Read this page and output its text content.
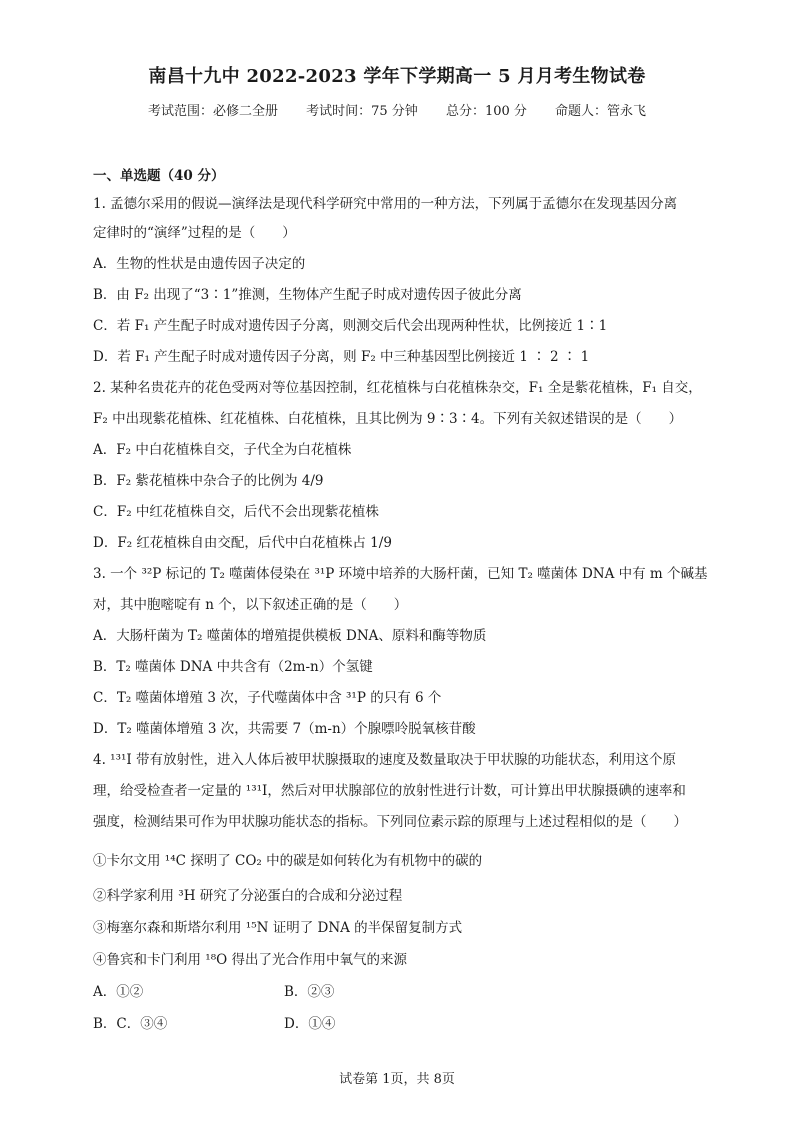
南昌十九中 2022-2023 学年下学期高一 5 月月考生物试卷
考试范围：必修二全册 考试时间：75 分钟 总分：100 分 命题人：管永飞
一、单选题（40 分）
1. 孟德尔采用的假说—演绎法是现代科学研究中常用的一种方法，下列属于孟德尔在发现基因分离
定律时的“演绎”过程的是（　　）
A．生物的性状是由遗传因子决定的
B．由 F₂ 出现了“3∶1”推测，生物体产生配子时成对遗传因子彼此分离
C．若 F₁ 产生配子时成对遗传因子分离，则测交后代会出现两种性状，比例接近 1∶1
D．若 F₁ 产生配子时成对遗传因子分离，则 F₂ 中三种基因型比例接近 1 ∶ 2 ∶ 1
2. 某种名贵花卉的花色受两对等位基因控制，红花植株与白花植株杂交，F₁ 全是紫花植株，F₁ 自交，
F₂ 中出现紫花植株、红花植株、白花植株，且其比例为 9∶3∶4。下列有关叙述错误的是（　　）
A．F₂ 中白花植株自交，子代全为白花植株
B．F₂ 紫花植株中杂合子的比例为 4/9
C．F₂ 中红花植株自交，后代不会出现紫花植株
D．F₂ 红花植株自由交配，后代中白花植株占 1/9
3. 一个 ³²P 标记的 T₂ 噬菌体侵染在 ³¹P 环境中培养的大肠杆菌，已知 T₂ 噬菌体 DNA 中有 m 个碱基
对，其中胞嘧啶有 n 个，以下叙述正确的是（　　）
A．大肠杆菌为 T₂ 噬菌体的增殖提供模板 DNA、原料和酶等物质
B．T₂ 噬菌体 DNA 中共含有（2m-n）个氢键
C．T₂ 噬菌体增殖 3 次，子代噬菌体中含 ³¹P 的只有 6 个
D．T₂ 噬菌体增殖 3 次，共需要 7（m-n）个腺嘌呤脱氧核苷酸
4. ¹³¹I 带有放射性，进入人体后被甲状腺摄取的速度及数量取决于甲状腺的功能状态，利用这个原
理，给受检查者一定量的 ¹³¹I，然后对甲状腺部位的放射性进行计数，可计算出甲状腺摄碘的速率和
强度，检测结果可作为甲状腺功能状态的指标。下列同位素示踪的原理与上述过程相似的是（　　）
①卡尔文用 ¹⁴C 探明了 CO₂ 中的碳是如何转化为有机物中的碳的
②科学家利用 ³H 研究了分泌蛋白的合成和分泌过程
③梅塞尔森和斯塔尔利用 ¹⁵N 证明了 DNA 的半保留复制方式
④鲁宾和卡门利用 ¹⁸O 得出了光合作用中氧气的来源
A．①②	B．②③
B．C．③④	D．①④
试卷第 1页，共 8页
